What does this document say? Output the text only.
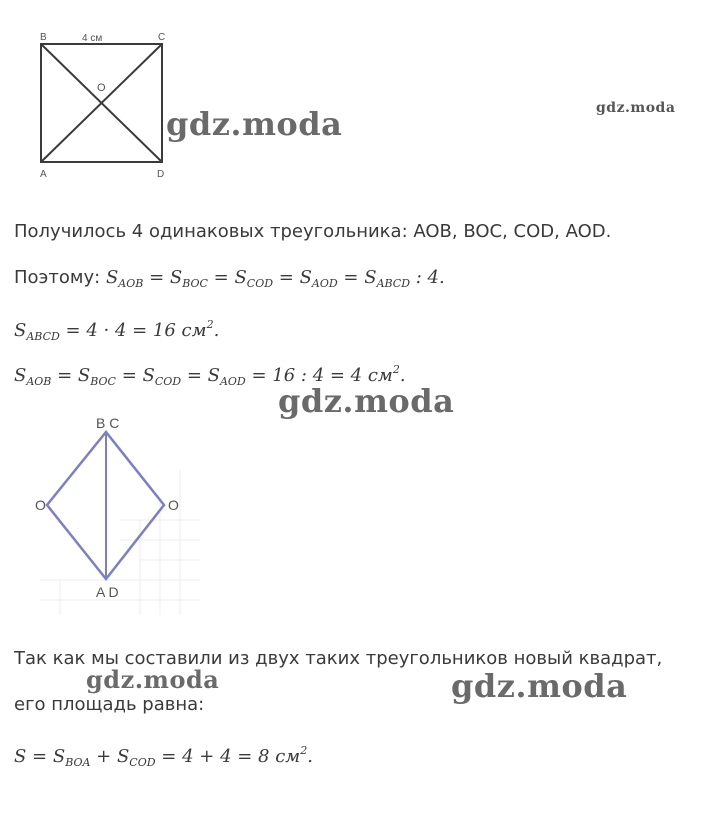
B	4 см	C
O
A	D
B C
O	O
A D
Получилось 4 одинаковых треугольника: AOB, BOC, COD, AOD.
Поэтому: $S_{AOB} = S_{BOC} = S_{COD} = S_{AOD} = S_{ABCD}$ : 4.
$S_{ABCD} = 4 \cdot 4 = 16$ $см^2$.
$S_{AOB} = S_{BOC} = S_{COD} = S_{AOD} = 16$ : 4 = 4 $см^2$.
Так как мы составили из двух таких треугольников новый квадрат,
его площадь равна:
$S = S_{BOA} + S_{COD} = 4 + 4 = 8$ $см^2$.
gdz.moda	gdz.moda
gdz.moda
gdz.moda	gdz.moda
